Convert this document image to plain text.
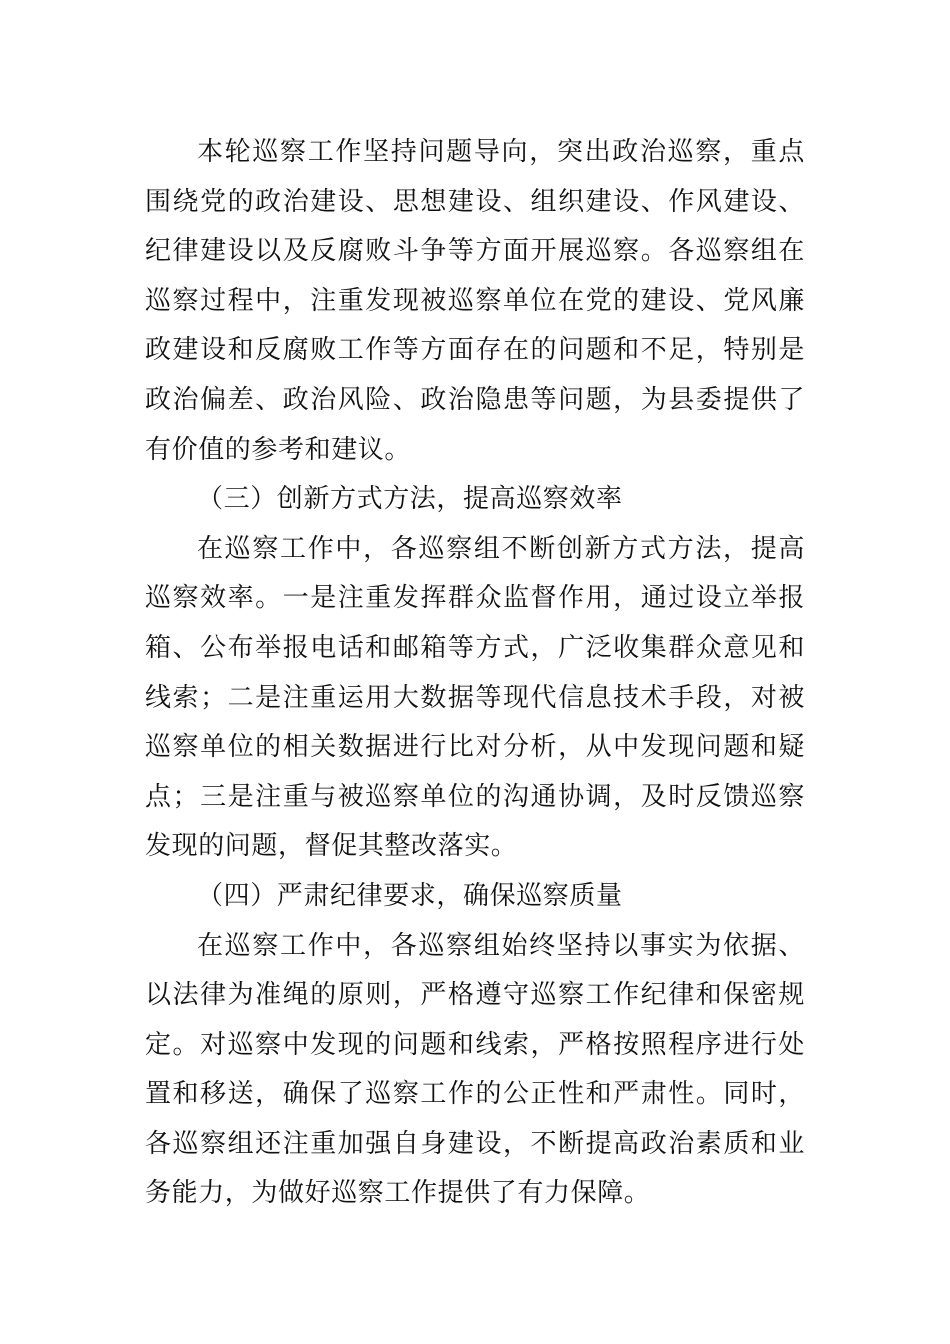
本轮巡察工作坚持问题导向，突出政治巡察，重点围绕党的政治建设、思想建设、组织建设、作风建设、纪律建设以及反腐败斗争等方面开展巡察。各巡察组在巡察过程中，注重发现被巡察单位在党的建设、党风廉政建设和反腐败工作等方面存在的问题和不足，特别是政治偏差、政治风险、政治隐患等问题，为县委提供了有价值的参考和建议。

（三）创新方式方法，提高巡察效率

在巡察工作中，各巡察组不断创新方式方法，提高巡察效率。一是注重发挥群众监督作用，通过设立举报箱、公布举报电话和邮箱等方式，广泛收集群众意见和线索；二是注重运用大数据等现代信息技术手段，对被巡察单位的相关数据进行比对分析，从中发现问题和疑点；三是注重与被巡察单位的沟通协调，及时反馈巡察发现的问题，督促其整改落实。

（四）严肃纪律要求，确保巡察质量

在巡察工作中，各巡察组始终坚持以事实为依据、以法律为准绳的原则，严格遵守巡察工作纪律和保密规定。对巡察中发现的问题和线索，严格按照程序进行处置和移送，确保了巡察工作的公正性和严肃性。同时，各巡察组还注重加强自身建设，不断提高政治素质和业务能力，为做好巡察工作提供了有力保障。
